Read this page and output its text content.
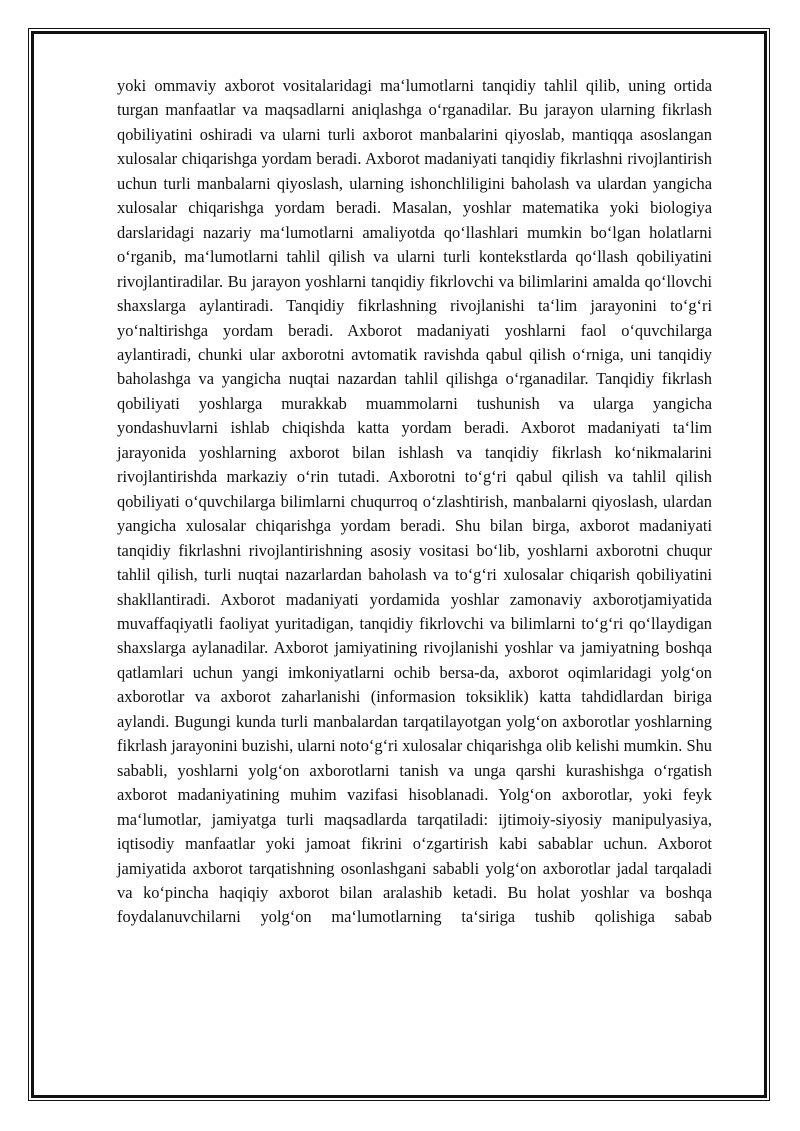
yoki ommaviy axborot vositalaridagi ma‘lumotlarni tanqidiy tahlil qilib, uning ortida turgan manfaatlar va maqsadlarni aniqlashga o‘rganadilar. Bu jarayon ularning fikrlash qobiliyatini oshiradi va ularni turli axborot manbalarini qiyoslab, mantiqqa asoslangan xulosalar chiqarishga yordam beradi. Axborot madaniyati tanqidiy fikrlashni rivojlantirish uchun turli manbalarni qiyoslash, ularning ishonchliligini baholash va ulardan yangicha xulosalar chiqarishga yordam beradi. Masalan, yoshlar matematika yoki biologiya darslaridagi nazariy ma‘lumotlarni amaliyotda qo‘llashlari mumkin bo‘lgan holatlarni o‘rganib, ma‘lumotlarni tahlil qilish va ularni turli kontekstlarda qo‘llash qobiliyatini rivojlantiradilar. Bu jarayon yoshlarni tanqidiy fikrlovchi va bilimlarini amalda qo‘llovchi shaxslarga aylantiradi. Tanqidiy fikrlashning rivojlanishi ta‘lim jarayonini to‘g‘ri yo‘naltirishga yordam beradi. Axborot madaniyati yoshlarni faol o‘quvchilarga aylantiradi, chunki ular axborotni avtomatik ravishda qabul qilish o‘rniga, uni tanqidiy baholashga va yangicha nuqtai nazardan tahlil qilishga o‘rganadilar. Tanqidiy fikrlash qobiliyati yoshlarga murakkab muammolarni tushunish va ularga yangicha yondashuvlarni ishlab chiqishda katta yordam beradi. Axborot madaniyati ta‘lim jarayonida yoshlarning axborot bilan ishlash va tanqidiy fikrlash ko‘nikmalarini rivojlantirishda markaziy o‘rin tutadi. Axborotni to‘g‘ri qabul qilish va tahlil qilish qobiliyati o‘quvchilarga bilimlarni chuqurroq o‘zlashtirish, manbalarni qiyoslash, ulardan yangicha xulosalar chiqarishga yordam beradi. Shu bilan birga, axborot madaniyati tanqidiy fikrlashni rivojlantirishning asosiy vositasi bo‘lib, yoshlarni axborotni chuqur tahlil qilish, turli nuqtai nazarlardan baholash va to‘g‘ri xulosalar chiqarish qobiliyatini shakllantiradi. Axborot madaniyati yordamida yoshlar zamonaviy axborotjamiyatida muvaffaqiyatli faoliyat yuritadigan, tanqidiy fikrlovchi va bilimlarni to‘g‘ri qo‘llaydigan shaxslarga aylanadilar. Axborot jamiyatining rivojlanishi yoshlar va jamiyatning boshqa qatlamlari uchun yangi imkoniyatlarni ochib bersa-da, axborot oqimlaridagi yolg‘on axborotlar va axborot zaharlanishi (informasion toksiklik) katta tahdidlardan biriga aylandi. Bugungi kunda turli manbalardan tarqatilayotgan yolg‘on axborotlar yoshlarning fikrlash jarayonini buzishi, ularni noto‘g‘ri xulosalar chiqarishga olib kelishi mumkin. Shu sababli, yoshlarni yolg‘on axborotlarni tanish va unga qarshi kurashishga o‘rgatish axborot madaniyatining muhim vazifasi hisoblanadi. Yolg‘on axborotlar, yoki feyk ma‘lumotlar, jamiyatga turli maqsadlarda tarqatiladi: ijtimoiy-siyosiy manipulyasiya, iqtisodiy manfaatlar yoki jamoat fikrini o‘zgartirish kabi sabablar uchun. Axborot jamiyatida axborot tarqatishning osonlashgani sababli yolg‘on axborotlar jadal tarqaladi va ko‘pincha haqiqiy axborot bilan aralashib ketadi. Bu holat yoshlar va boshqa foydalanuvchilarni yolg‘on ma‘lumotlarning ta‘siriga tushib qolishiga sabab
